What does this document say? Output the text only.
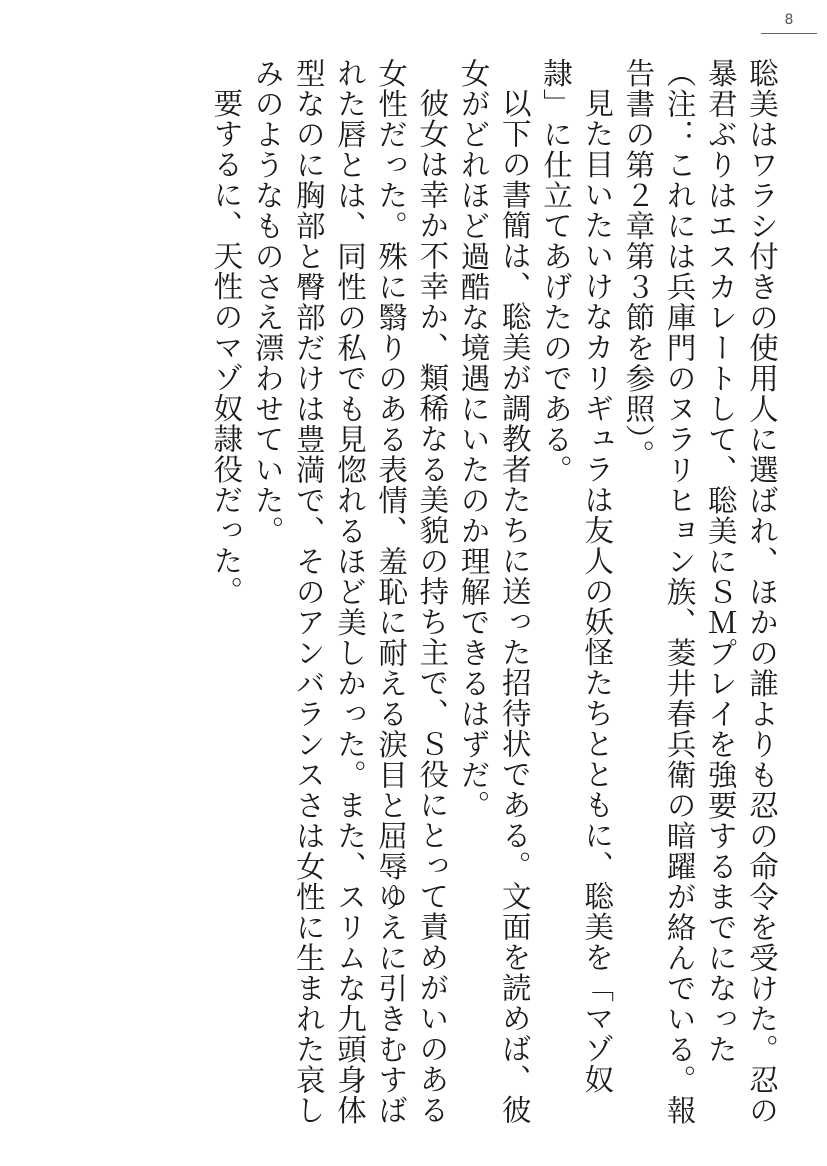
8

聡美はワラシ付きの使用人に選ばれ、ほかの誰よりも忍の命令を受けた。忍の暴君ぶりはエスカレートして、聡美にＳＭプレイを強要するまでになった（注：これには兵庫門のヌラリヒョン族、菱井春兵衛の暗躍が絡んでいる。報告書の第２章第３節を参照）。

見た目いたいけなカリギュラは友人の妖怪たちとともに、聡美を「マゾ奴隷」に仕立てあげたのである。

以下の書簡は、聡美が調教者たちに送った招待状である。文面を読めば、彼女がどれほど過酷な境遇にいたのか理解できるはずだ。

彼女は幸か不幸か、類稀なる美貌の持ち主で、Ｓ役にとって責めがいのある女性だった。殊に翳りのある表情、羞恥に耐える涙目と屈辱ゆえに引きむすばれた唇とは、同性の私でも見惚れるほど美しかった。また、スリムな九頭身体型なのに胸部と臀部だけは豊満で、そのアンバランスさは女性に生まれた哀しみのようなものさえ漂わせていた。

要するに、天性のマゾ奴隷役だった。
